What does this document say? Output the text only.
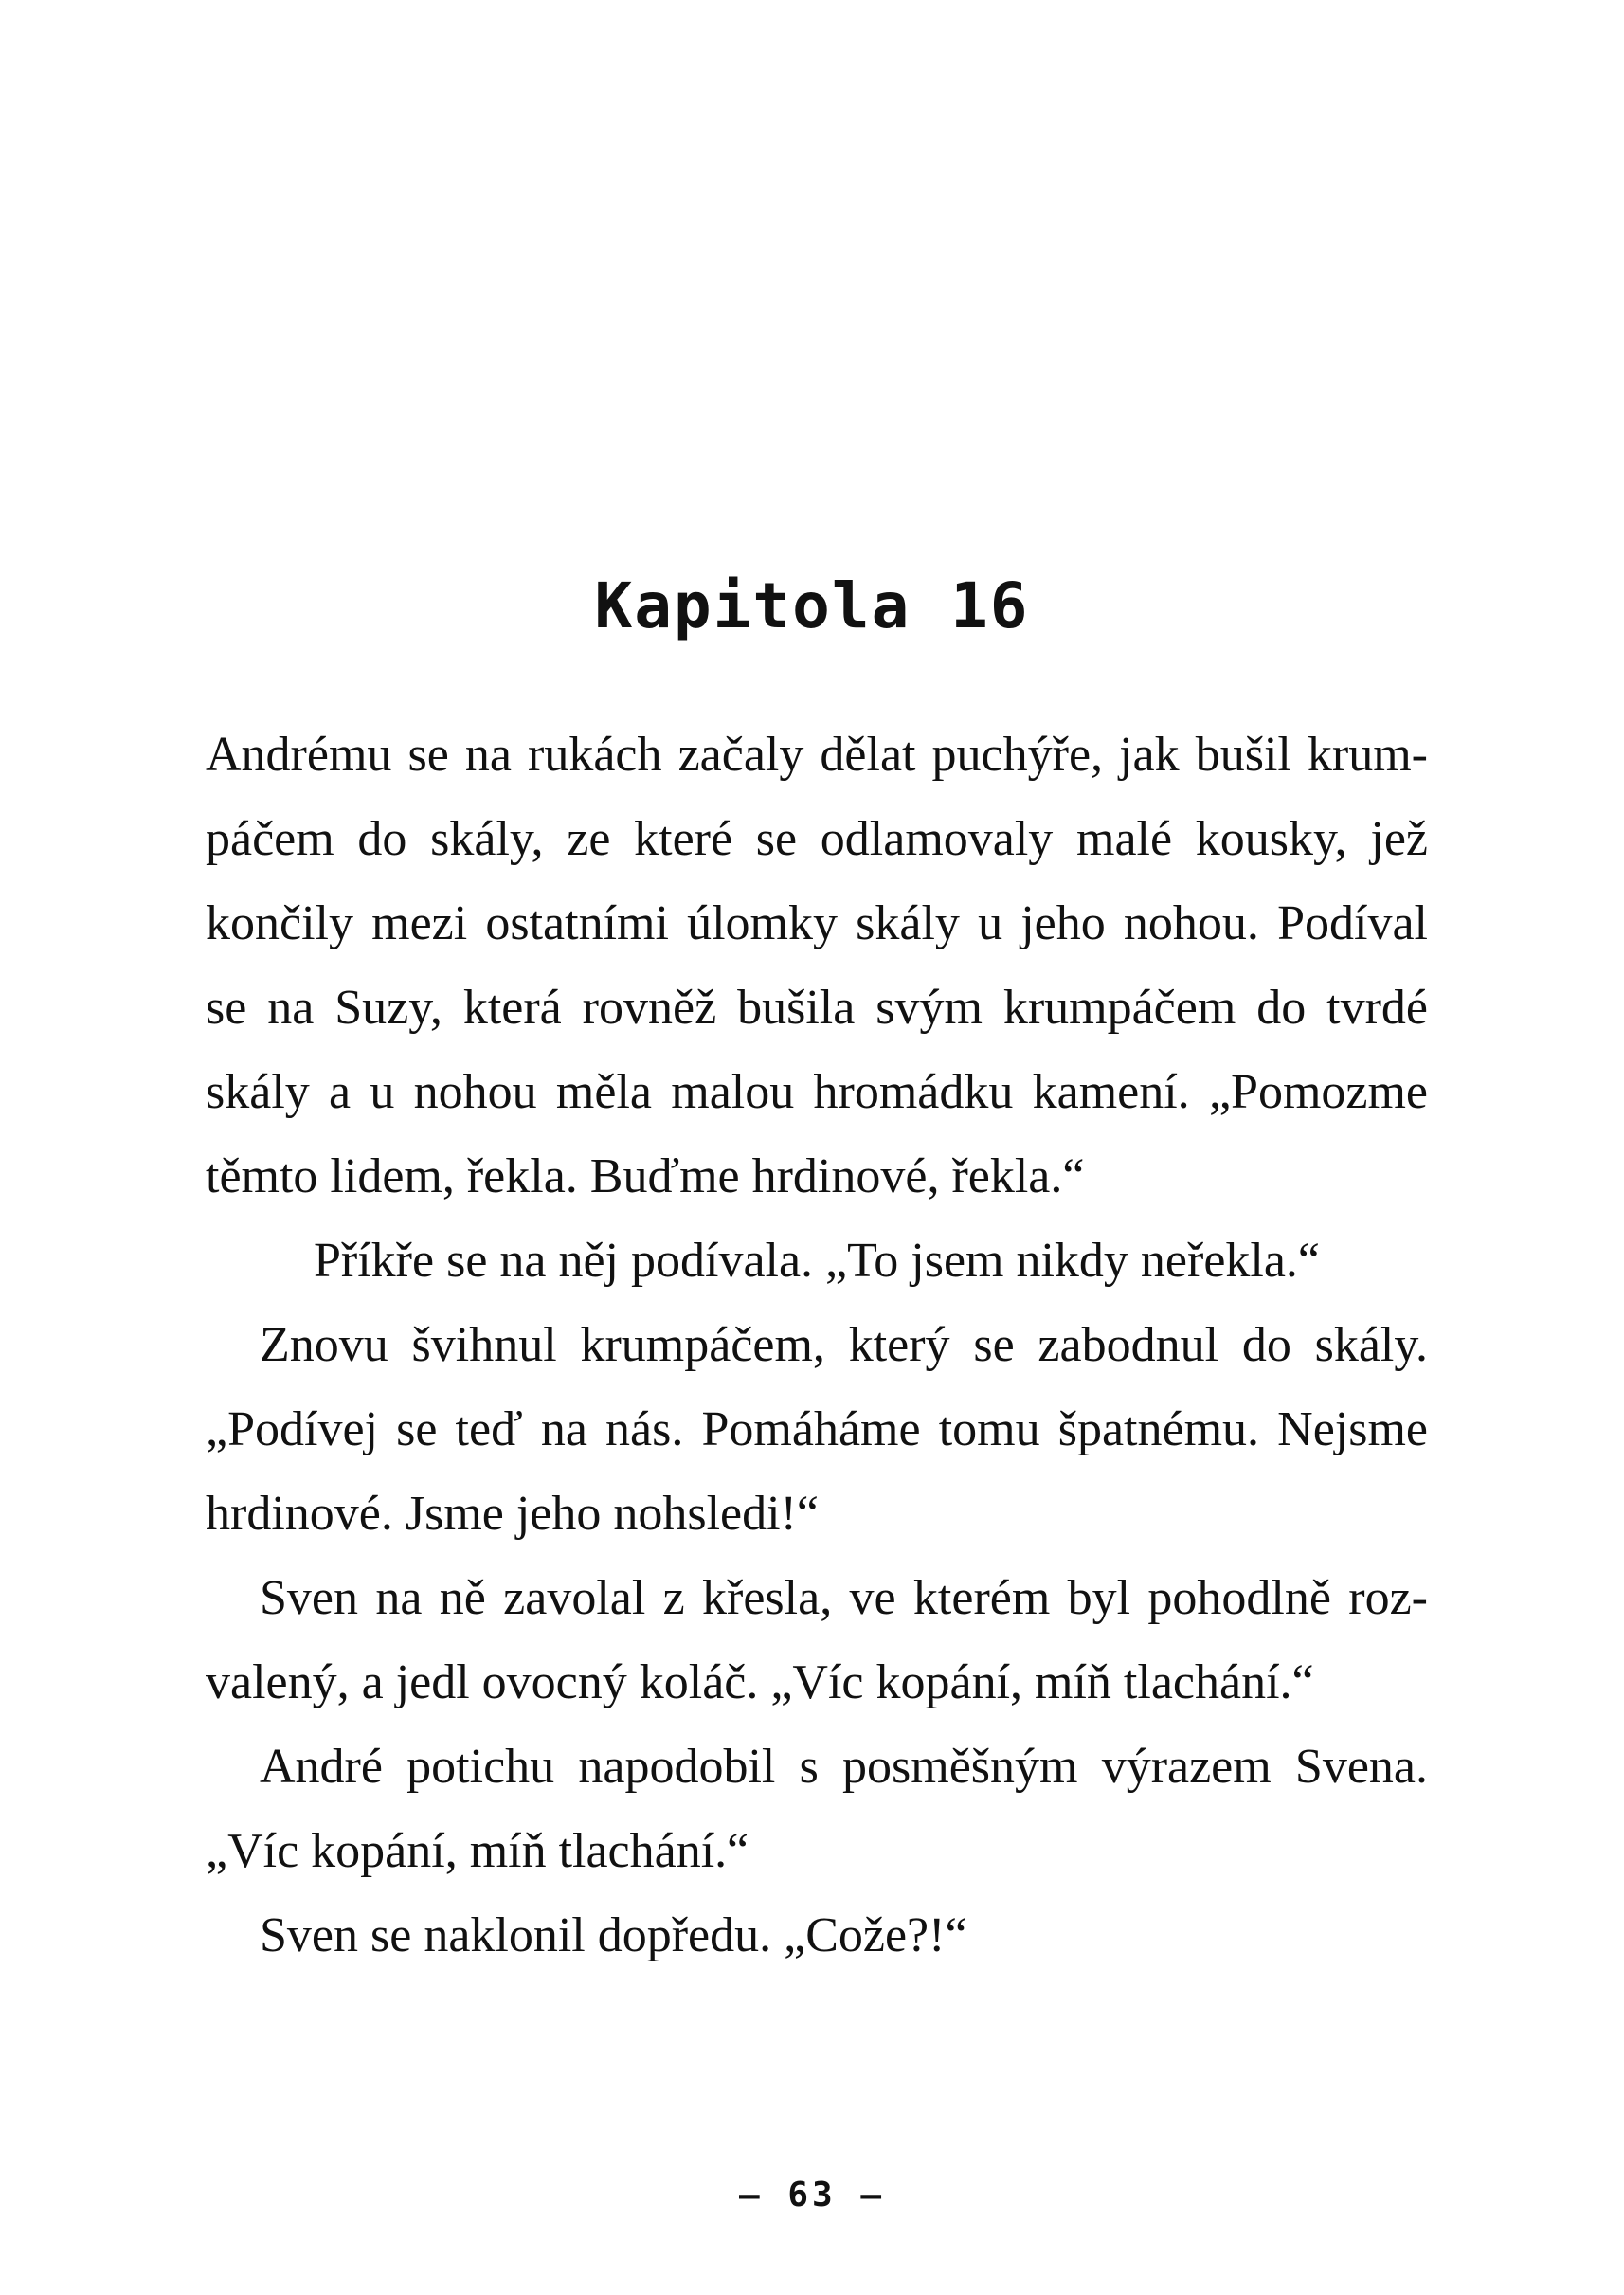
Kapitola 16

Andrému se na rukách začaly dělat puchýře, jak bušil krum-
páčem do skály, ze které se odlamovaly malé kousky, jež
končily mezi ostatními úlomky skály u jeho nohou. Podíval
se na Suzy, která rovněž bušila svým krumpáčem do tvrdé
skály a u nohou měla malou hromádku kamení. „Pomozme
těmto lidem, řekla. Buďme hrdinové, řekla.“

Příkře se na něj podívala. „To jsem nikdy neřekla.“

Znovu švihnul krumpáčem, který se zabodnul do skály.
„Podívej se teď na nás. Pomáháme tomu špatnému. Nejsme
hrdinové. Jsme jeho nohsledi!“

Sven na ně zavolal z křesla, ve kterém byl pohodlně roz-
valený, a jedl ovocný koláč. „Víc kopání, míň tlachání.“

André potichu napodobil s posměšným výrazem Svena.
„Víc kopání, míň tlachání.“

Sven se naklonil dopředu. „Cože?!“

– 63 –
